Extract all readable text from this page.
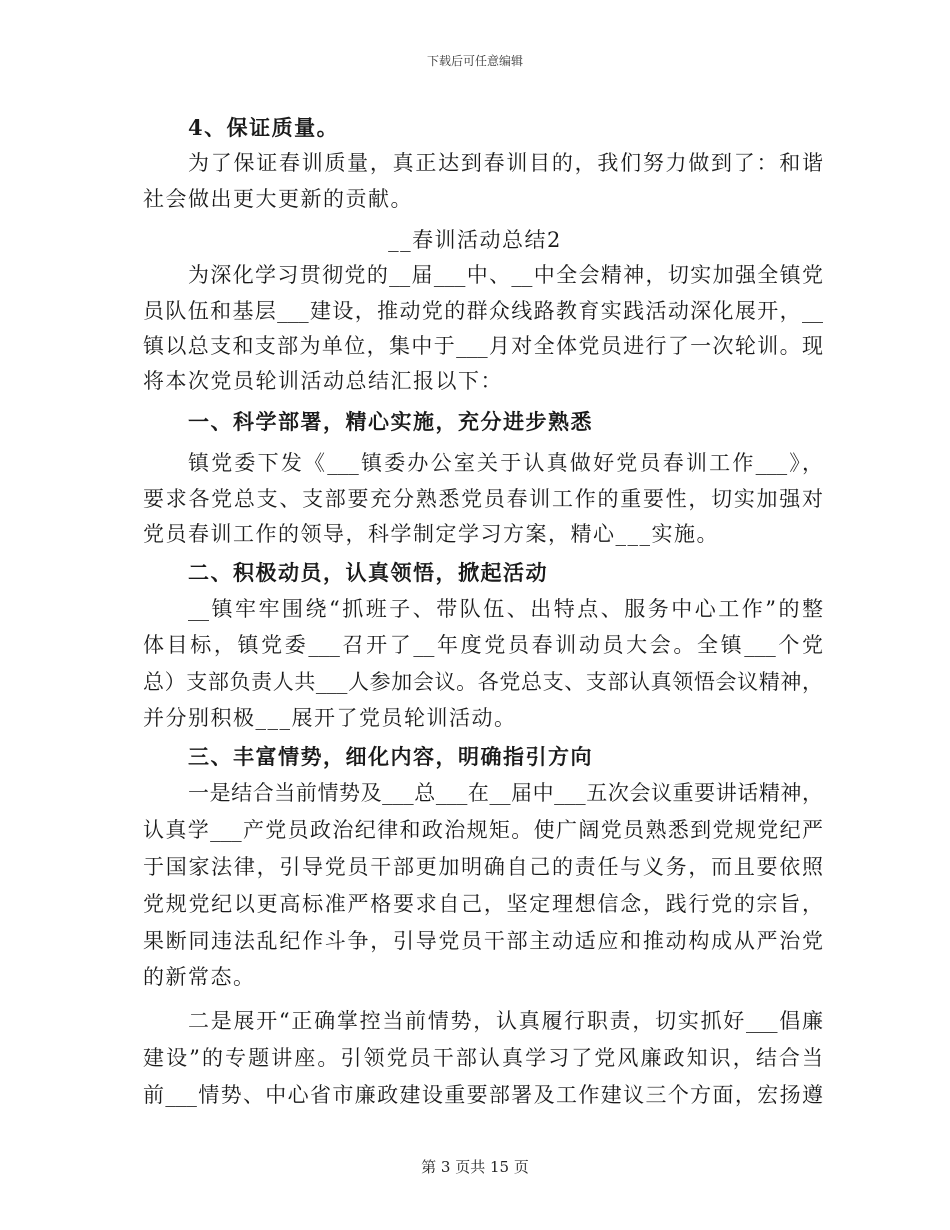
下载后可任意编辑
4、保证质量。
为了保证春训质量，真正达到春训目的，我们努力做到了：和谐
社会做出更大更新的贡献。
__春训活动总结2
为深化学习贯彻党的__届___中、__中全会精神，切实加强全镇党
员队伍和基层___建设，推动党的群众线路教育实践活动深化展开，__
镇以总支和支部为单位，集中于___月对全体党员进行了一次轮训。现
将本次党员轮训活动总结汇报以下：
一、科学部署，精心实施，充分进步熟悉
镇党委下发《___镇委办公室关于认真做好党员春训工作___》，
要求各党总支、支部要充分熟悉党员春训工作的重要性，切实加强对
党员春训工作的领导，科学制定学习方案，精心___实施。
二、积极动员，认真领悟，掀起活动
__镇牢牢围绕“抓班子、带队伍、出特点、服务中心工作”的整
体目标，镇党委___召开了__年度党员春训动员大会。全镇___个党
总）支部负责人共___人参加会议。各党总支、支部认真领悟会议精神，
并分别积极___展开了党员轮训活动。
三、丰富情势，细化内容，明确指引方向
一是结合当前情势及___总___在__届中___五次会议重要讲话精神，
认真学___产党员政治纪律和政治规矩。使广阔党员熟悉到党规党纪严
于国家法律，引导党员干部更加明确自己的责任与义务，而且要依照
党规党纪以更高标准严格要求自己，坚定理想信念，践行党的宗旨，
果断同违法乱纪作斗争，引导党员干部主动适应和推动构成从严治党
的新常态。
二是展开“正确掌控当前情势，认真履行职责，切实抓好___倡廉
建设”的专题讲座。引领党员干部认真学习了党风廉政知识，结合当
前___情势、中心省市廉政建设重要部署及工作建议三个方面，宏扬遵
第 3 页共 15 页
